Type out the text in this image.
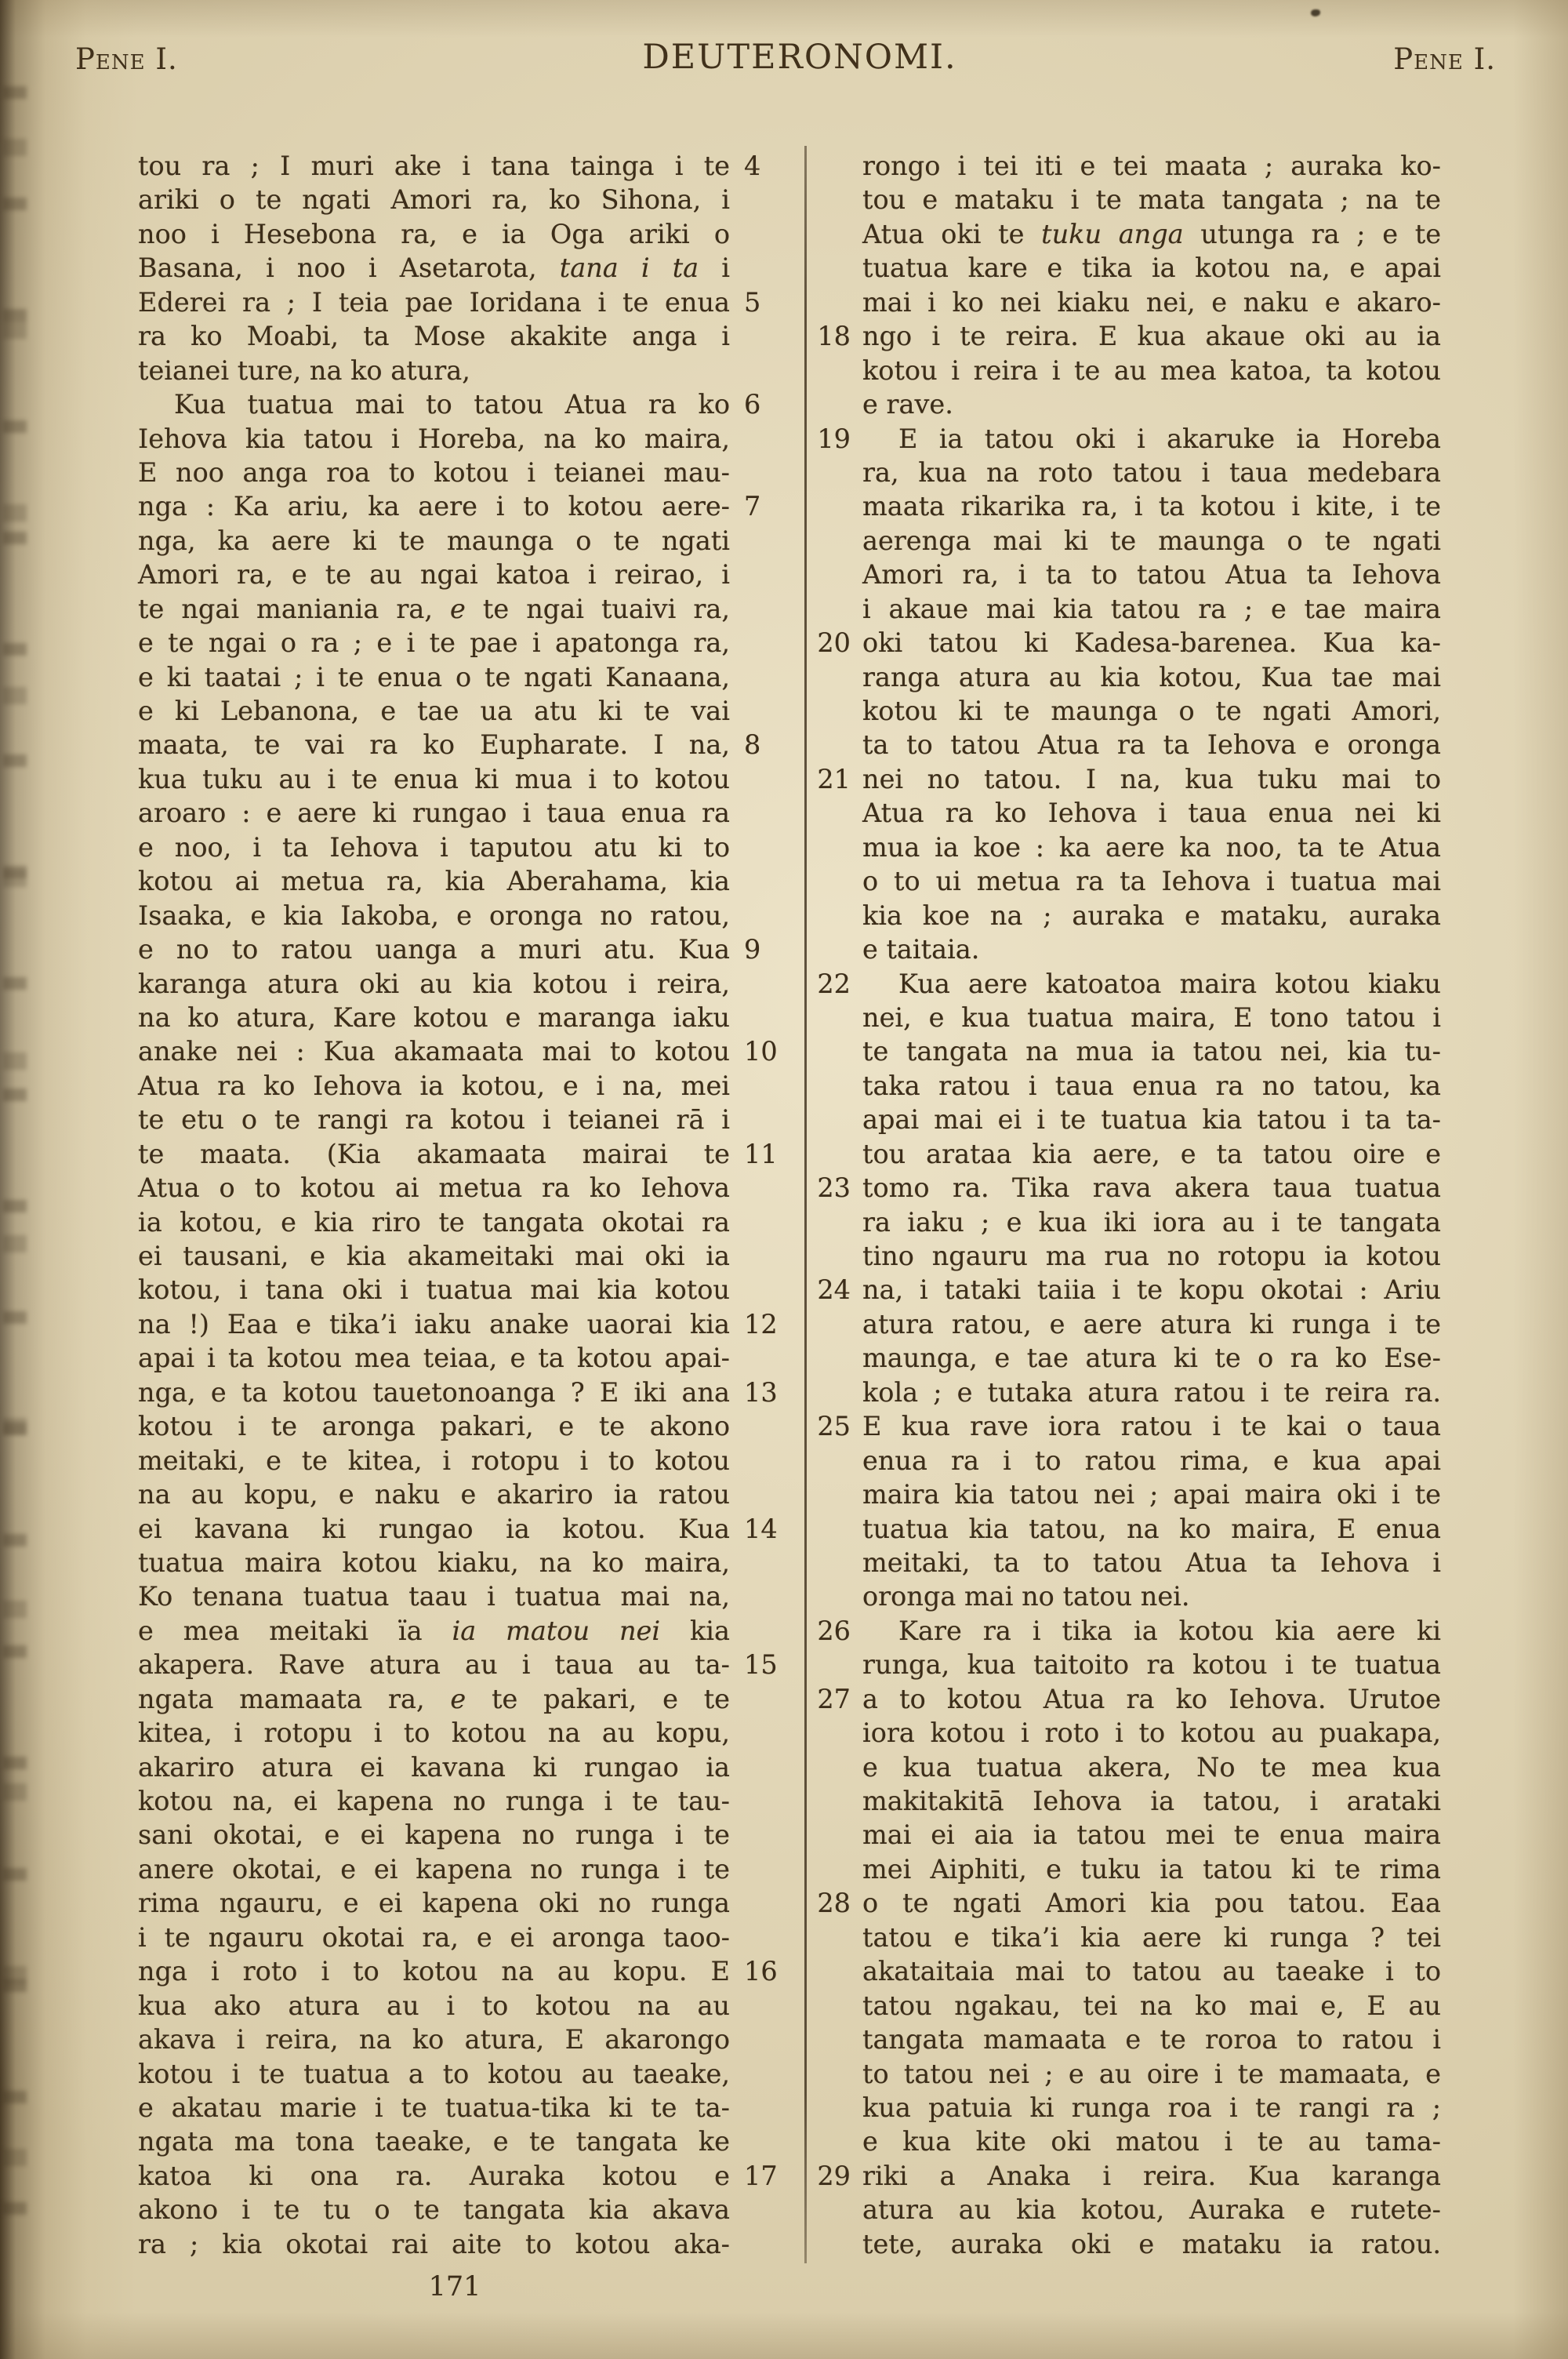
Pene I.	DEUTERONOMI.	Pene I.
tou ra ; I muri ake i tana tainga i te 4
ariki o te ngati Amori ra, ko Sihona, i
noo i Hesebona ra, e ia Oga ariki o
Basana, i noo i Asetarota, tana i ta i
Ederei ra ; I teia pae Ioridana i te enua 5
ra ko Moabi, ta Mose akakite anga i
teianei ture, na ko atura,
Kua tuatua mai to tatou Atua ra ko 6
Iehova kia tatou i Horeba, na ko maira,
E noo anga roa to kotou i teianei mau-
nga : Ka ariu, ka aere i to kotou aere- 7
nga, ka aere ki te maunga o te ngati
Amori ra, e te au ngai katoa i reirao, i
te ngai maniania ra, e te ngai tuaivi ra,
e te ngai o ra ; e i te pae i apatonga ra,
e ki taatai ; i te enua o te ngati Kanaana,
e ki Lebanona, e tae ua atu ki te vai
maata, te vai ra ko Eupharate. I na, 8
kua tuku au i te enua ki mua i to kotou
aroaro : e aere ki rungao i taua enua ra
e noo, i ta Iehova i taputou atu ki to
kotou ai metua ra, kia Aberahama, kia
Isaaka, e kia Iakoba, e oronga no ratou,
e no to ratou uanga a muri atu. Kua 9
karanga atura oki au kia kotou i reira,
na ko atura, Kare kotou e maranga iaku
anake nei : Kua akamaata mai to kotou 10
Atua ra ko Iehova ia kotou, e i na, mei
te etu o te rangi ra kotou i teianei rā i
te maata. (Kia akamaata mairai te 11
Atua o to kotou ai metua ra ko Iehova
ia kotou, e kia riro te tangata okotai ra
ei tausani, e kia akameitaki mai oki ia
kotou, i tana oki i tuatua mai kia kotou
na !) Eaa e tika’i iaku anake uaorai kia 12
apai i ta kotou mea teiaa, e ta kotou apai-
nga, e ta kotou tauetonoanga ? E iki ana 13
kotou i te aronga pakari, e te akono
meitaki, e te kitea, i rotopu i to kotou
na au kopu, e naku e akariro ia ratou
ei kavana ki rungao ia kotou. Kua 14
tuatua maira kotou kiaku, na ko maira,
Ko tenana tuatua taau i tuatua mai na,
e mea meitaki ïa ia matou nei kia
akapera. Rave atura au i taua au ta- 15
ngata mamaata ra, e te pakari, e te
kitea, i rotopu i to kotou na au kopu,
akariro atura ei kavana ki rungao ia
kotou na, ei kapena no runga i te tau-
sani okotai, e ei kapena no runga i te
anere okotai, e ei kapena no runga i te
rima ngauru, e ei kapena oki no runga
i te ngauru okotai ra, e ei aronga taoo-
nga i roto i to kotou na au kopu. E 16
kua ako atura au i to kotou na au
akava i reira, na ko atura, E akarongo
kotou i te tuatua a to kotou au taeake,
e akatau marie i te tuatua-tika ki te ta-
ngata ma tona taeake, e te tangata ke
katoa ki ona ra. Auraka kotou e 17
akono i te tu o te tangata kia akava
ra ; kia okotai rai aite to kotou aka-
rongo i tei iti e tei maata ; auraka ko-
tou e mataku i te mata tangata ; na te
Atua oki te tuku anga utunga ra ; e te
tuatua kare e tika ia kotou na, e apai
mai i ko nei kiaku nei, e naku e akaro-
ngo i te reira. E kua akaue oki au ia
18
kotou i reira i te au mea katoa, ta kotou
e rave.
E ia tatou oki i akaruke ia Horeba
19
ra, kua na roto tatou i taua medebara
maata rikarika ra, i ta kotou i kite, i te
aerenga mai ki te maunga o te ngati
Amori ra, i ta to tatou Atua ta Iehova
i akaue mai kia tatou ra ; e tae maira
oki tatou ki Kadesa-barenea. Kua ka-
20
ranga atura au kia kotou, Kua tae mai
kotou ki te maunga o te ngati Amori,
ta to tatou Atua ra ta Iehova e oronga
nei no tatou. I na, kua tuku mai to
21
Atua ra ko Iehova i taua enua nei ki
mua ia koe : ka aere ka noo, ta te Atua
o to ui metua ra ta Iehova i tuatua mai
kia koe na ; auraka e mataku, auraka
e taitaia.
Kua aere katoatoa maira kotou kiaku
22
nei, e kua tuatua maira, E tono tatou i
te tangata na mua ia tatou nei, kia tu-
taka ratou i taua enua ra no tatou, ka
apai mai ei i te tuatua kia tatou i ta ta-
tou arataa kia aere, e ta tatou oire e
tomo ra. Tika rava akera taua tuatua
23
ra iaku ; e kua iki iora au i te tangata
tino ngauru ma rua no rotopu ia kotou
na, i tataki taiia i te kopu okotai : Ariu
24
atura ratou, e aere atura ki runga i te
maunga, e tae atura ki te o ra ko Ese-
kola ; e tutaka atura ratou i te reira ra.
E kua rave iora ratou i te kai o taua
25
enua ra i to ratou rima, e kua apai
maira kia tatou nei ; apai maira oki i te
tuatua kia tatou, na ko maira, E enua
meitaki, ta to tatou Atua ta Iehova i
oronga mai no tatou nei.
Kare ra i tika ia kotou kia aere ki
26
runga, kua taitoito ra kotou i te tuatua
a to kotou Atua ra ko Iehova. Urutoe
27
iora kotou i roto i to kotou au puakapa,
e kua tuatua akera, No te mea kua
makitakitā Iehova ia tatou, i arataki
mai ei aia ia tatou mei te enua maira
mei Aiphiti, e tuku ia tatou ki te rima
o te ngati Amori kia pou tatou. Eaa
28
tatou e tika’i kia aere ki runga ? tei
akataitaia mai to tatou au taeake i to
tatou ngakau, tei na ko mai e, E au
tangata mamaata e te roroa to ratou i
to tatou nei ; e au oire i te mamaata, e
kua patuia ki runga roa i te rangi ra ;
e kua kite oki matou i te au tama-
riki a Anaka i reira. Kua karanga
29
atura au kia kotou, Auraka e rutete-
tete, auraka oki e mataku ia ratou.
171
